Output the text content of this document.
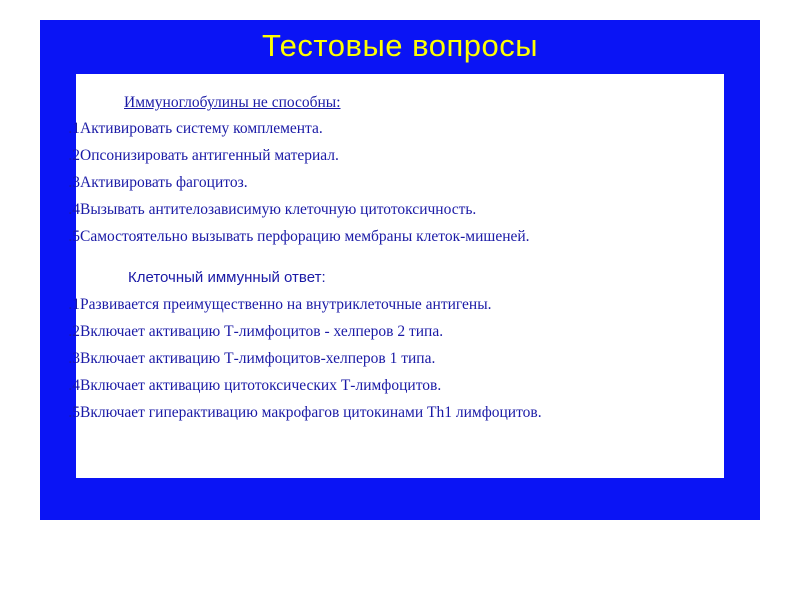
Тестовые вопросы
Иммуноглобулины не способны:
1.Активировать систему комплемента.
2.Опсонизировать антигенный материал.
3.Активировать фагоцитоз.
4.Вызывать антителозависимую клеточную цитотоксичность.
5.Самостоятельно вызывать перфорацию мембраны клеток-мишеней.
Клеточный иммунный ответ:
1.Развивается преимущественно на внутриклеточные антигены.
2.Включает активацию Т-лимфоцитов - хелперов 2 типа.
3.Включает активацию Т-лимфоцитов-хелперов 1 типа.
4.Включает активацию цитотоксических Т-лимфоцитов.
5.Включает гиперактивацию макрофагов цитокинами Th1 лимфоцитов.
